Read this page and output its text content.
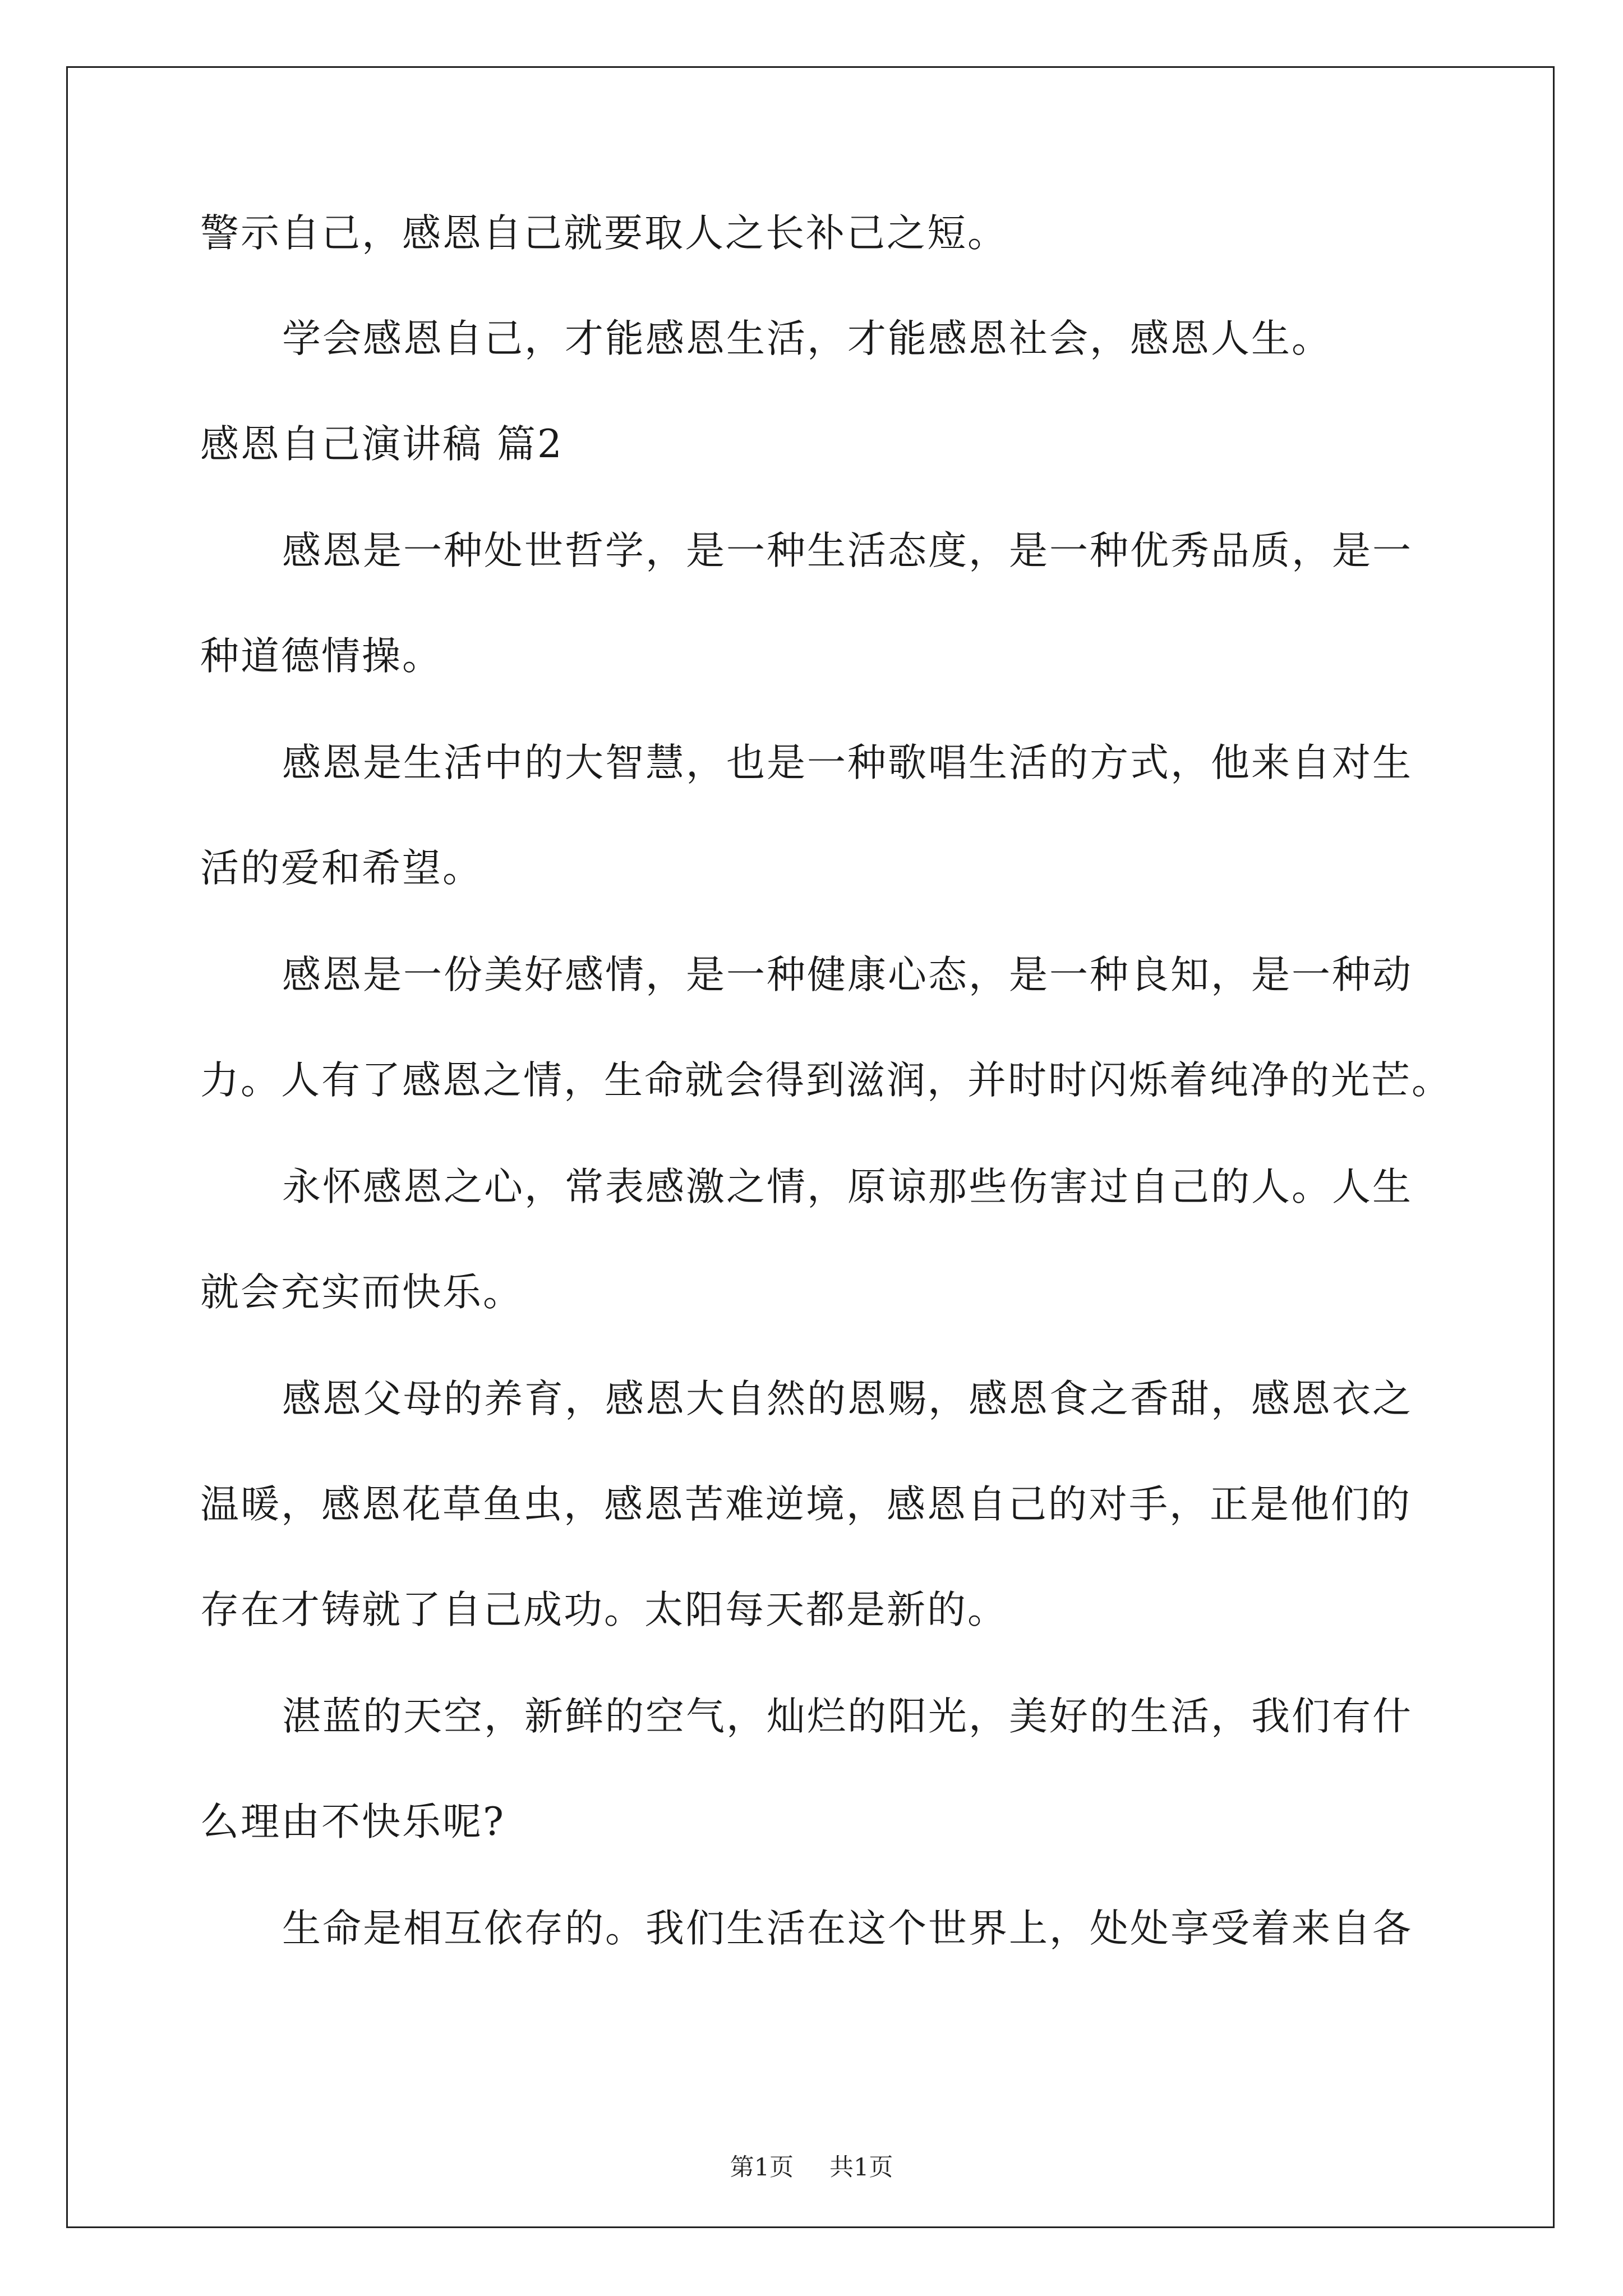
警示自己，感恩自己就要取人之长补己之短。
学会感恩自己，才能感恩生活，才能感恩社会，感恩人生。
感恩自己演讲稿 篇2
感恩是一种处世哲学，是一种生活态度，是一种优秀品质，是一
种道德情操。
感恩是生活中的大智慧，也是一种歌唱生活的方式，他来自对生
活的爱和希望。
感恩是一份美好感情，是一种健康心态，是一种良知，是一种动
力。人有了感恩之情，生命就会得到滋润，并时时闪烁着纯净的光芒。
永怀感恩之心，常表感激之情，原谅那些伤害过自己的人。人生
就会充实而快乐。
感恩父母的养育，感恩大自然的恩赐，感恩食之香甜，感恩衣之
温暖，感恩花草鱼虫，感恩苦难逆境，感恩自己的对手，正是他们的
存在才铸就了自己成功。太阳每天都是新的。
湛蓝的天空，新鲜的空气，灿烂的阳光，美好的生活，我们有什
么理由不快乐呢?
生命是相互依存的。我们生活在这个世界上，处处享受着来自各
第1页 共1页
